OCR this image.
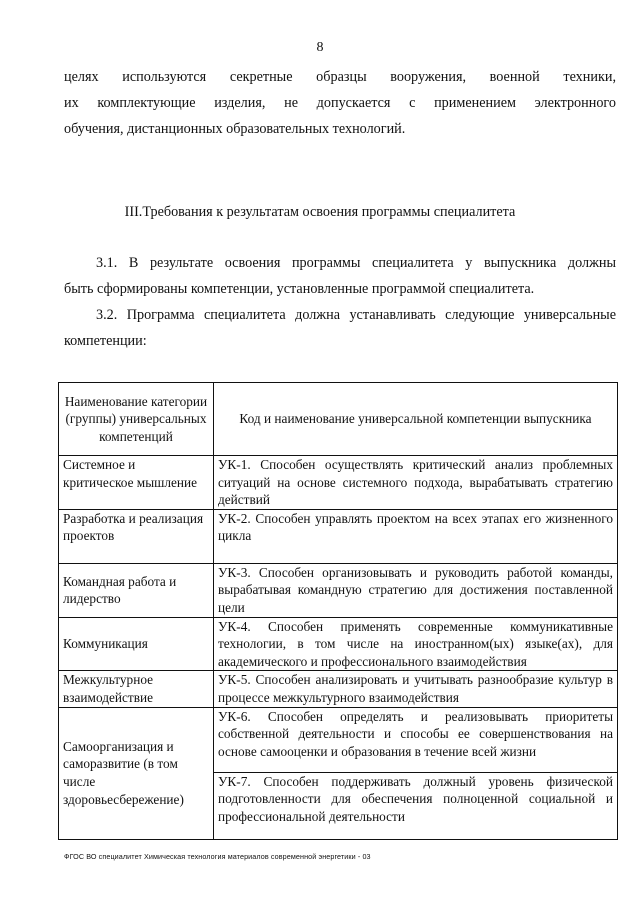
8
целях используются секретные образцы вооружения, военной техники,
их комплектующие изделия, не допускается с применением электронного
обучения, дистанционных образовательных технологий.
III.Требования к результатам освоения программы специалитета
3.1. В результате освоения программы специалитета у выпускника должны
быть сформированы компетенции, установленные программой специалитета.
3.2. Программа специалитета должна устанавливать следующие универсальные
компетенции:
Наименование категории (группы) универсальных компетенций	Код и наименование универсальной компетенции выпускника
Системное и критическое мышление	УК-1. Способен осуществлять критический анализ проблемных ситуаций на основе системного подхода, вырабатывать стратегию действий
Разработка и реализация проектов	УК-2. Способен управлять проектом на всех этапах его жизненного цикла
Командная работа и лидерство	УК-3. Способен организовывать и руководить работой команды, вырабатывая командную стратегию для достижения поставленной цели
Коммуникация	УК-4. Способен применять современные коммуникативные технологии, в том числе на иностранном(ых) языке(ах), для академического и профессионального взаимодействия
Межкультурное взаимодействие	УК-5. Способен анализировать и учитывать разнообразие культур в процессе межкультурного взаимодействия
Самоорганизация и саморазвитие (в том числе здоровьесбережение)	УК-6. Способен определять и реализовывать приоритеты собственной деятельности и способы ее совершенствования на основе самооценки и образования в течение всей жизни
	УК-7. Способен поддерживать должный уровень физической подготовленности для обеспечения полноценной социальной и профессиональной деятельности
ФГОС ВО специалитет Химическая технология материалов современной энергетики - 03
